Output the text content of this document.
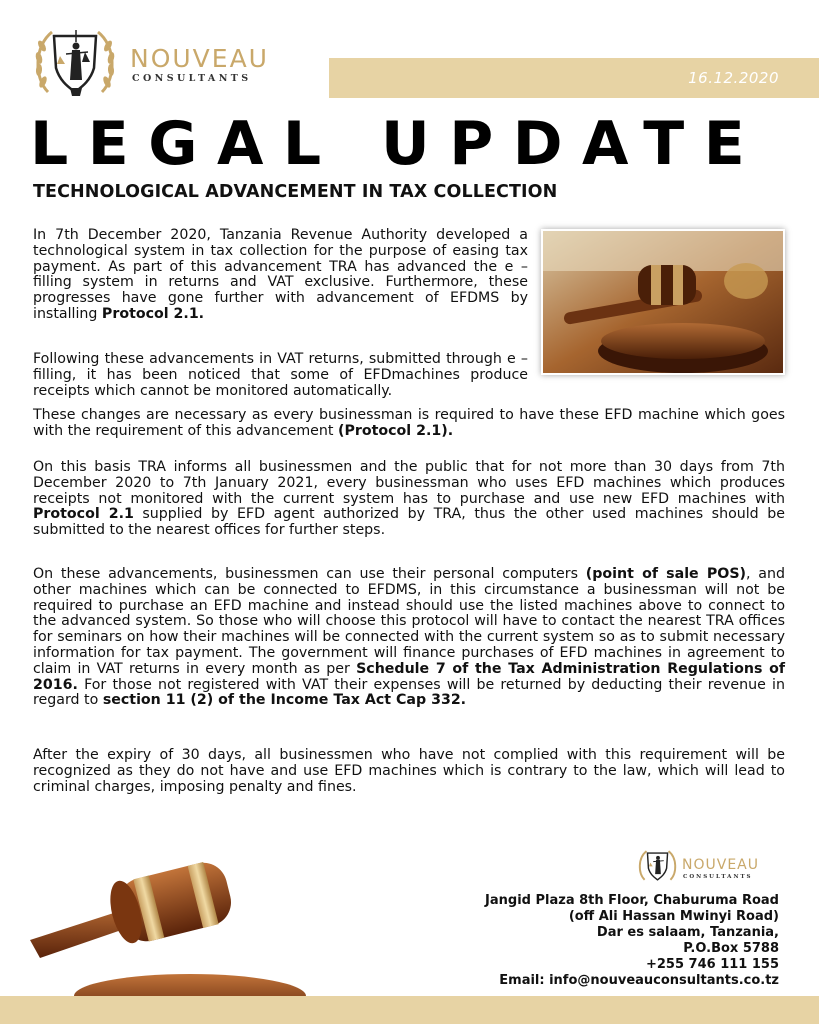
NOUVEAU
CONSULTANTS	16.12.2020
LEGAL UPDATE
TECHNOLOGICAL ADVANCEMENT IN TAX COLLECTION

In 7th December 2020, Tanzania Revenue Authority developed a technological system in tax collection for the purpose of easing tax payment. As part of this advancement TRA has advanced the e – filling system in returns and VAT exclusive. Furthermore, these progresses have gone further with advancement of EFDMS by installing Protocol 2.1.

Following these advancements in VAT returns, submitted through e – filling, it has been noticed that some of EFDmachines produce receipts which cannot be monitored automatically.

These changes are necessary as every businessman is required to have these EFD machine which goes with the requirement of this advancement (Protocol 2.1).

On this basis TRA informs all businessmen and the public that for not more than 30 days from 7th December 2020 to 7th January 2021, every businessman who uses EFD machines which produces receipts not monitored with the current system has to purchase and use new EFD machines with Protocol 2.1 supplied by EFD agent authorized by TRA, thus the other used machines should be submitted to the nearest offices for further steps.

On these advancements, businessmen can use their personal computers (point of sale POS), and other machines which can be connected to EFDMS, in this circumstance a businessman will not be required to purchase an EFD machine and instead should use the listed machines above to connect to the advanced system. So those who will choose this protocol will have to contact the nearest TRA offices for seminars on how their machines will be connected with the current system so as to submit necessary information for tax payment. The government will finance purchases of EFD machines in agreement to claim in VAT returns in every month as per Schedule 7 of the Tax Administration Regulations of 2016. For those not registered with VAT their expenses will be returned by deducting their revenue in regard to section 11 (2) of the Income Tax Act Cap 332.

After the expiry of 30 days, all businessmen who have not complied with this requirement will be recognized as they do not have and use EFD machines which is contrary to the law, which will lead to criminal charges, imposing penalty and fines.

NOUVEAU
CONSULTANTS
Jangid Plaza 8th Floor, Chaburuma Road
(off Ali Hassan Mwinyi Road)
Dar es salaam, Tanzania,
P.O.Box 5788
+255 746 111 155
Email: info@nouveauconsultants.co.tz
